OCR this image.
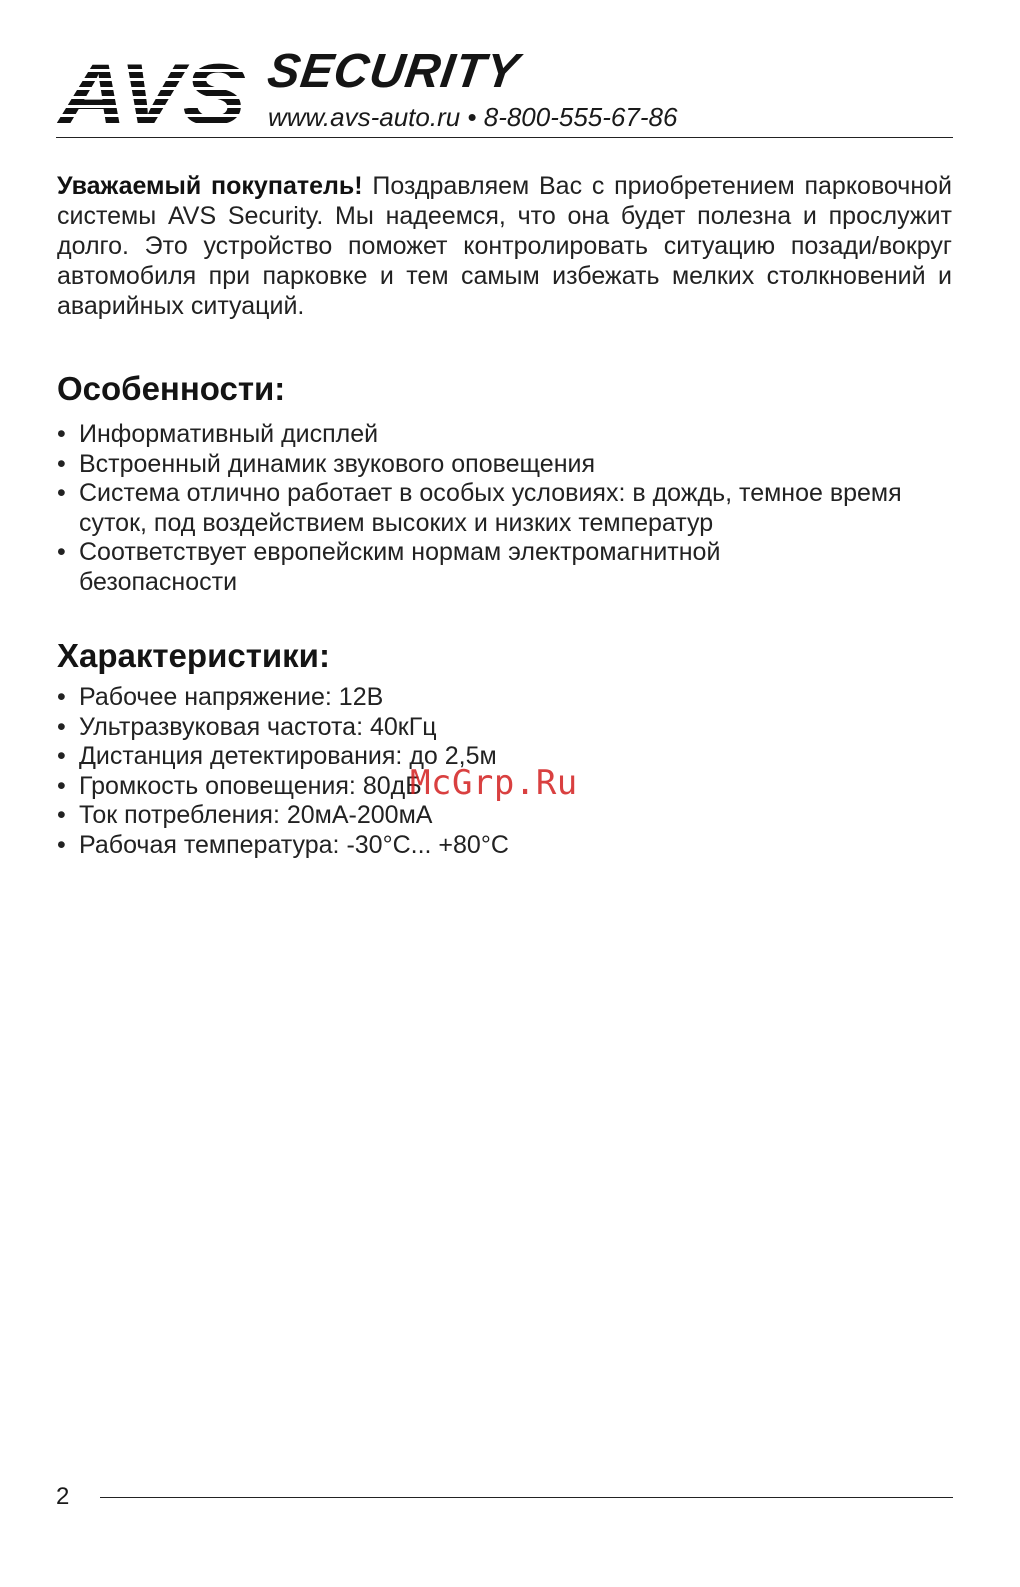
AVS SECURITY
www.avs-auto.ru • 8-800-555-67-86

Уважаемый покупатель! Поздравляем Вас с приобретением парковочной системы AVS Security. Мы надеемся, что она будет полезна и прослужит долго. Это устройство поможет контролировать ситуацию позади/вокруг автомобиля при парковке и тем самым избежать мелких столкновений и аварийных ситуаций.

Особенности:
• Информативный дисплей
• Встроенный динамик звукового оповещения
• Система отлично работает в особых условиях: в дождь, темное время суток, под воздействием высоких и низких температур
• Соответствует европейским нормам электромагнитной безопасности
Характеристики:
• Рабочее напряжение: 12В
• Ультразвуковая частота: 40кГц
• Дистанция детектирования: до 2,5м
• Громкость оповещения: 80дБ
• Ток потребления: 20мА-200мА
• Рабочая температура: -30°С... +80°С
McGrp.Ru
2
